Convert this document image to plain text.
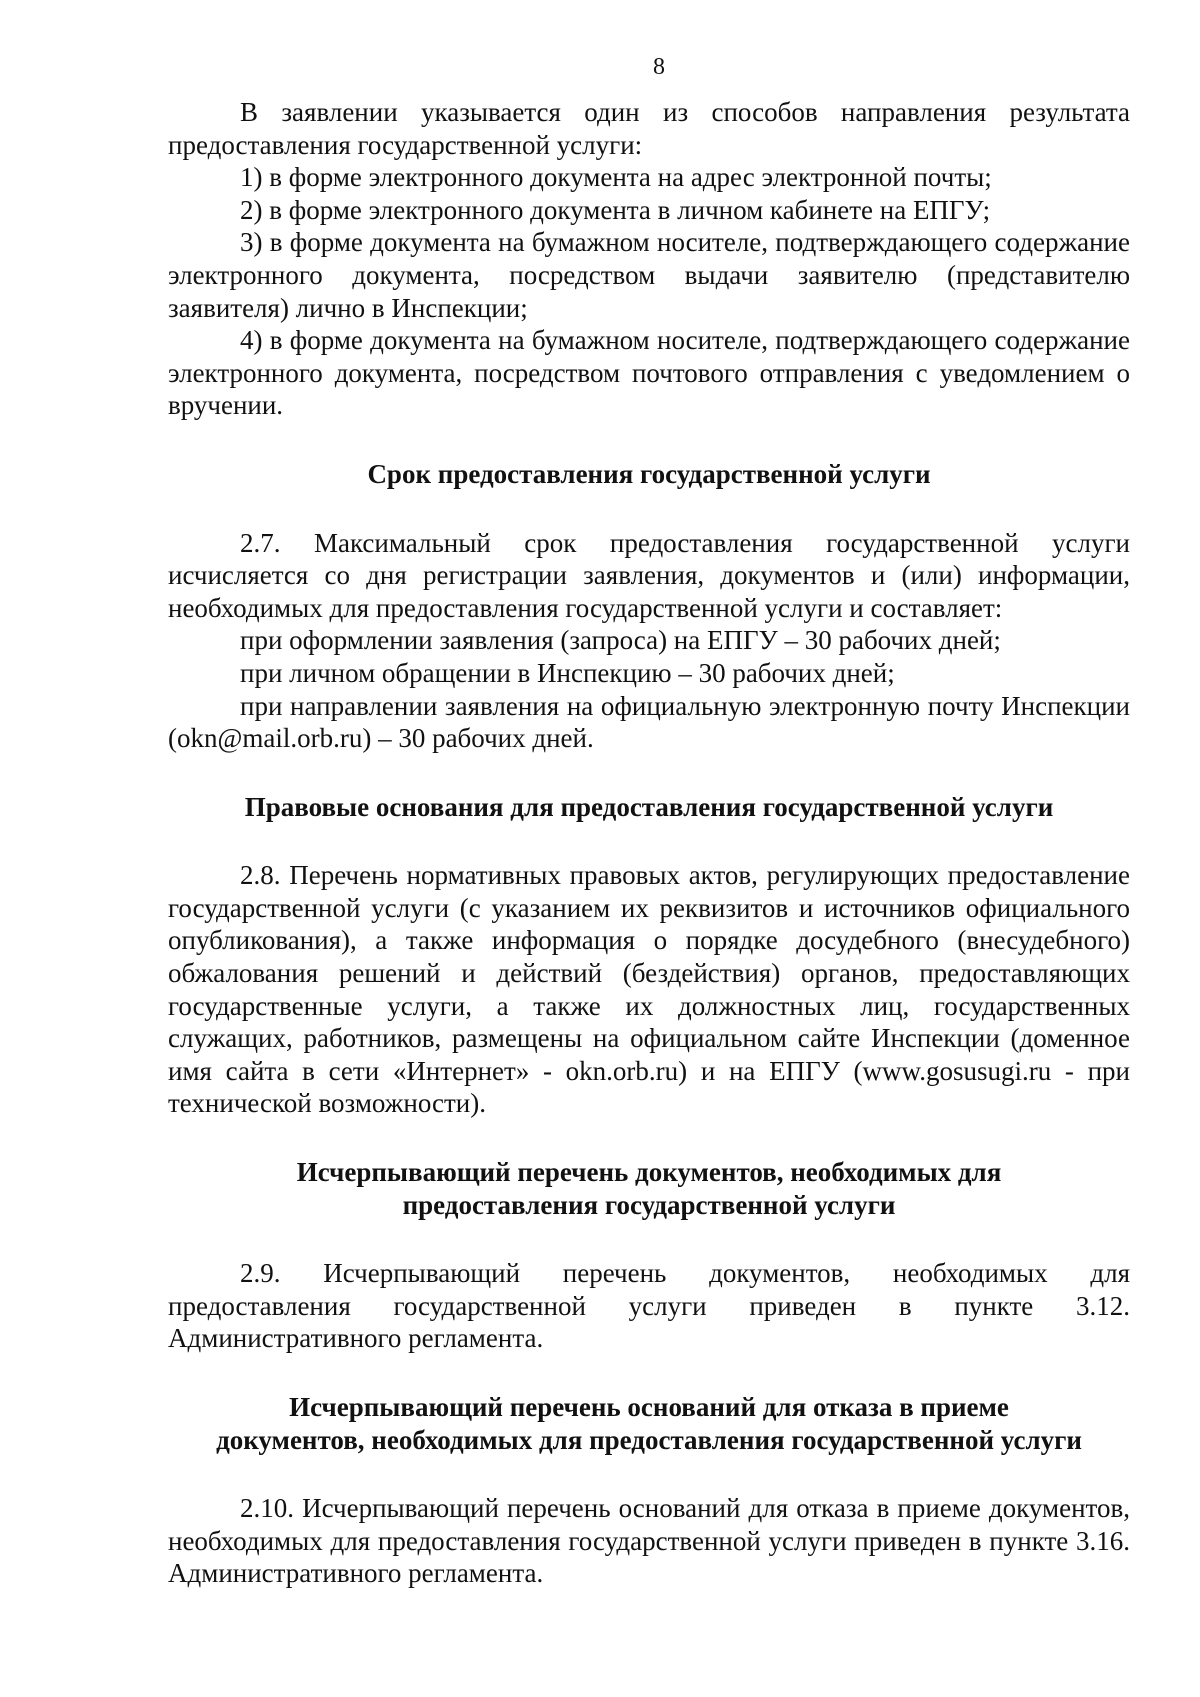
8

В заявлении указывается один из способов направления результата предоставления государственной услуги:

1) в форме электронного документа на адрес электронной почты;

2) в форме электронного документа в личном кабинете на ЕПГУ;

3) в форме документа на бумажном носителе, подтверждающего содержание электронного документа, посредством выдачи заявителю (представителю заявителя) лично в Инспекции;

4) в форме документа на бумажном носителе, подтверждающего содержание электронного документа, посредством почтового отправления с уведомлением о вручении.

Срок предоставления государственной услуги

2.7. Максимальный срок предоставления государственной услуги исчисляется со дня регистрации заявления, документов и (или) информации, необходимых для предоставления государственной услуги и составляет:

при оформлении заявления (запроса) на ЕПГУ – 30 рабочих дней;

при личном обращении в Инспекцию – 30 рабочих дней;

при направлении заявления на официальную электронную почту Инспекции (okn@mail.orb.ru) – 30 рабочих дней.

Правовые основания для предоставления государственной услуги

2.8. Перечень нормативных правовых актов, регулирующих предоставление государственной услуги (с указанием их реквизитов и источников официального опубликования), а также информация о порядке досудебного (внесудебного) обжалования решений и действий (бездействия) органов, предоставляющих государственные услуги, а также их должностных лиц, государственных служащих, работников, размещены на официальном сайте Инспекции (доменное имя сайта в сети «Интернет» - okn.orb.ru) и на ЕПГУ (www.gosusugi.ru - при технической возможности).

Исчерпывающий перечень документов, необходимых для
предоставления государственной услуги

2.9. Исчерпывающий перечень документов, необходимых для предоставления государственной услуги приведен в пункте 3.12. Административного регламента.

Исчерпывающий перечень оснований для отказа в приеме
документов, необходимых для предоставления государственной услуги

2.10. Исчерпывающий перечень оснований для отказа в приеме документов, необходимых для предоставления государственной услуги приведен в пункте 3.16. Административного регламента.
